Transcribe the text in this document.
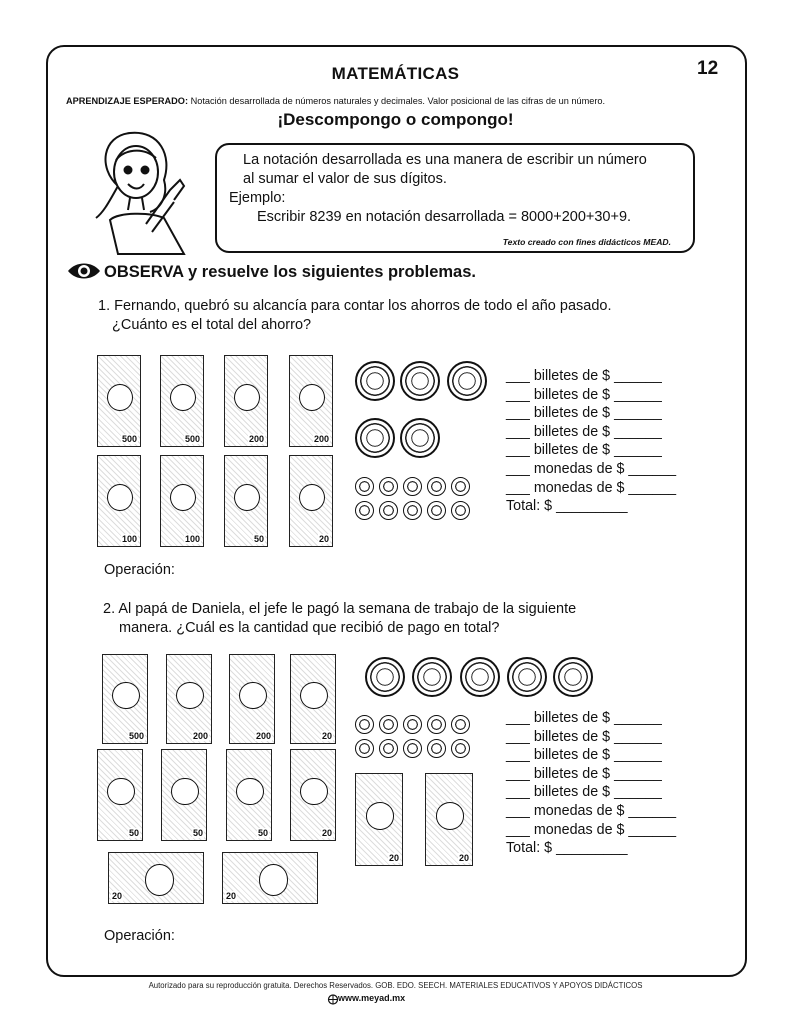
MATEMÁTICAS	12
APRENDIZAJE ESPERADO: Notación desarrollada de números naturales y decimales. Valor posicional de las cifras de un número.
¡Descompongo o compongo!
La notación desarrollada es una manera de escribir un número
al sumar el valor de sus dígitos.
Ejemplo:
Escribir 8239 en notación desarrollada = 8000+200+30+9.
Texto creado con fines didácticos MEAD.
OBSERVA y resuelve los siguientes problemas.
1. Fernando, quebró su alcancía para contar los ahorros de todo el año pasado.
¿Cuánto es el total del ahorro?
500	500	200	200
100	100	50	20
___ billetes de $ ______
___ billetes de $ ______
___ billetes de $ ______
___ billetes de $ ______
___ billetes de $ ______
___ monedas de $ ______
___ monedas de $ ______
Total: $ _________
Operación:
2. Al papá de Daniela, el jefe le pagó la semana de trabajo de la siguiente
manera. ¿Cuál es la cantidad que recibió de pago en total?
500	200	200	20
50	50	50	20
20	20
20	20
___ billetes de $ ______
___ billetes de $ ______
___ billetes de $ ______
___ billetes de $ ______
___ billetes de $ ______
___ monedas de $ ______
___ monedas de $ ______
Total: $ _________
Operación:
Autorizado para su reproducción gratuita. Derechos Reservados. GOB. EDO. SEECH. MATERIALES EDUCATIVOS Y APOYOS DIDÁCTICOS
www.meyad.mx
